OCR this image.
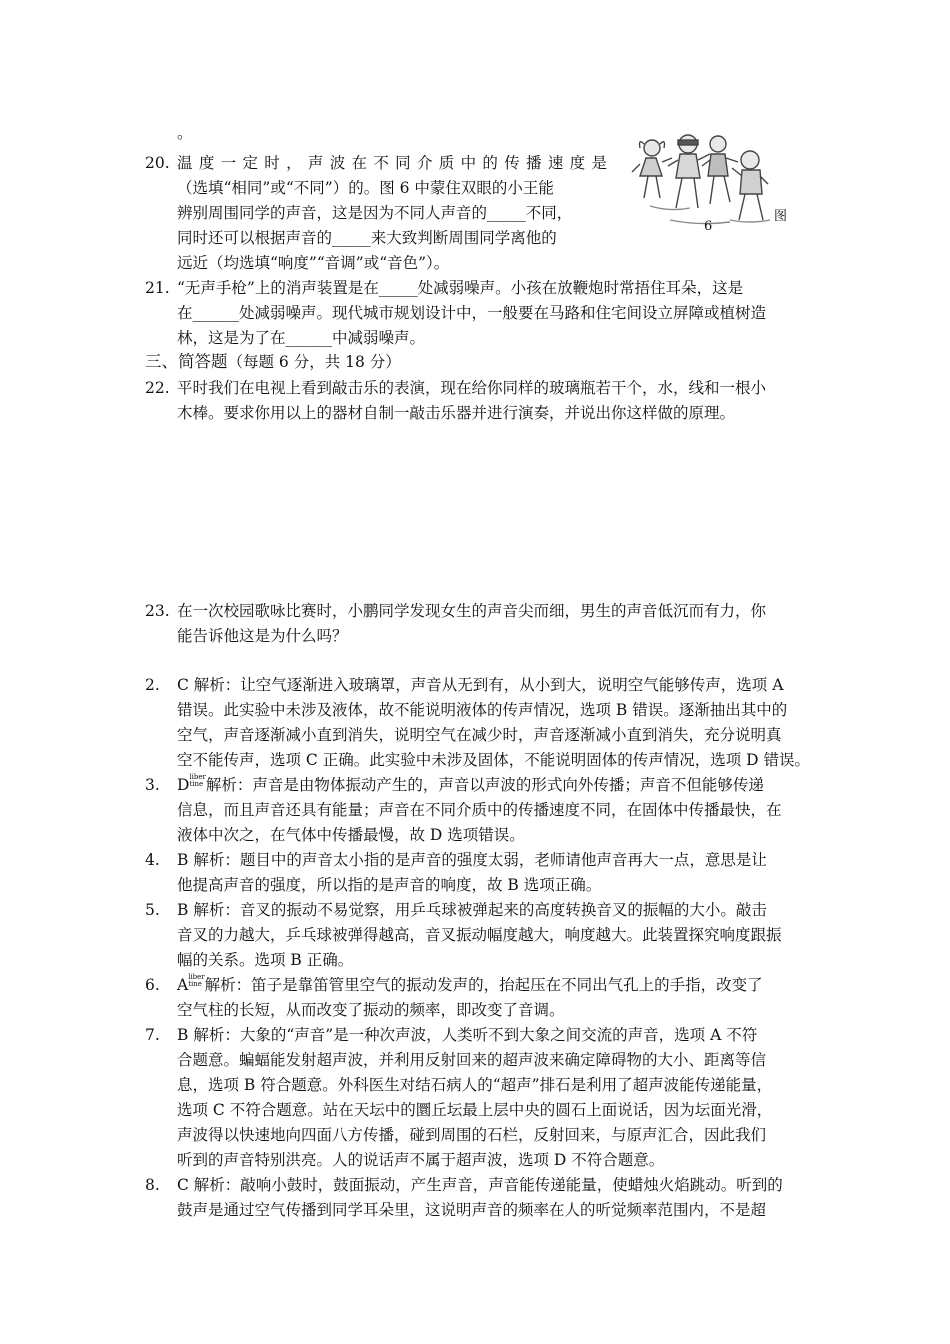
。
20. 温 度 一 定 时 ， 声 波 在 不 同 介 质 中 的 传 播 速 度 是
（选填“相同”或“不同”）的。图 6 中蒙住双眼的小王能
辨别周围同学的声音，这是因为不同人声音的_____不同，
同时还可以根据声音的_____来大致判断周围同学离他的
远近（均选填“响度”“音调”或“音色”）。
6
图
21. “无声手枪”上的消声装置是在_____处减弱噪声。小孩在放鞭炮时常捂住耳朵，这是
在______处减弱噪声。现代城市规划设计中，一般要在马路和住宅间设立屏障或植树造
林，这是为了在______中减弱噪声。
三、简答题（每题 6 分，共 18 分）
22. 平时我们在电视上看到敲击乐的表演，现在给你同样的玻璃瓶若干个，水，线和一根小
木棒。要求你用以上的器材自制一敲击乐器并进行演奏，并说出你这样做的原理。
23. 在一次校园歌咏比赛时，小鹏同学发现女生的声音尖而细，男生的声音低沉而有力，你
能告诉他这是为什么吗？
2. C 解析：让空气逐渐进入玻璃罩，声音从无到有，从小到大，说明空气能够传声，选项 A
错误。此实验中未涉及液体，故不能说明液体的传声情况，选项 B 错误。逐渐抽出其中的
空气，声音逐渐减小直到消失，说明空气在减少时，声音逐渐减小直到消失，充分说明真
空不能传声，选项 C 正确。此实验中未涉及固体，不能说明固体的传声情况，选项 D 错误。
3. Dliber
tine 解析：声音是由物体振动产生的，声音以声波的形式向外传播；声音不但能够传递
信息，而且声音还具有能量；声音在不同介质中的传播速度不同，在固体中传播最快，在
液体中次之，在气体中传播最慢，故 D 选项错误。
4. B 解析：题目中的声音太小指的是声音的强度太弱，老师请他声音再大一点，意思是让
他提高声音的强度，所以指的是声音的响度，故 B 选项正确。
5. B 解析：音叉的振动不易觉察，用乒乓球被弹起来的高度转换音叉的振幅的大小。敲击
音叉的力越大，乒乓球被弹得越高，音叉振动幅度越大，响度越大。此装置探究响度跟振
幅的关系。选项 B 正确。
6. Aliber
tine 解析：笛子是靠笛管里空气的振动发声的，抬起压在不同出气孔上的手指，改变了
空气柱的长短，从而改变了振动的频率，即改变了音调。
7. B 解析：大象的“声音”是一种次声波，人类听不到大象之间交流的声音，选项 A 不符
合题意。蝙蝠能发射超声波，并利用反射回来的超声波来确定障碍物的大小、距离等信
息，选项 B 符合题意。外科医生对结石病人的“超声”排石是利用了超声波能传递能量，
选项 C 不符合题意。站在天坛中的圜丘坛最上层中央的圆石上面说话，因为坛面光滑，
声波得以快速地向四面八方传播，碰到周围的石栏，反射回来，与原声汇合，因此我们
听到的声音特别洪亮。人的说话声不属于超声波，选项 D 不符合题意。
8. C 解析：敲响小鼓时，鼓面振动，产生声音，声音能传递能量，使蜡烛火焰跳动。听到的
鼓声是通过空气传播到同学耳朵里，这说明声音的频率在人的听觉频率范围内，不是超
